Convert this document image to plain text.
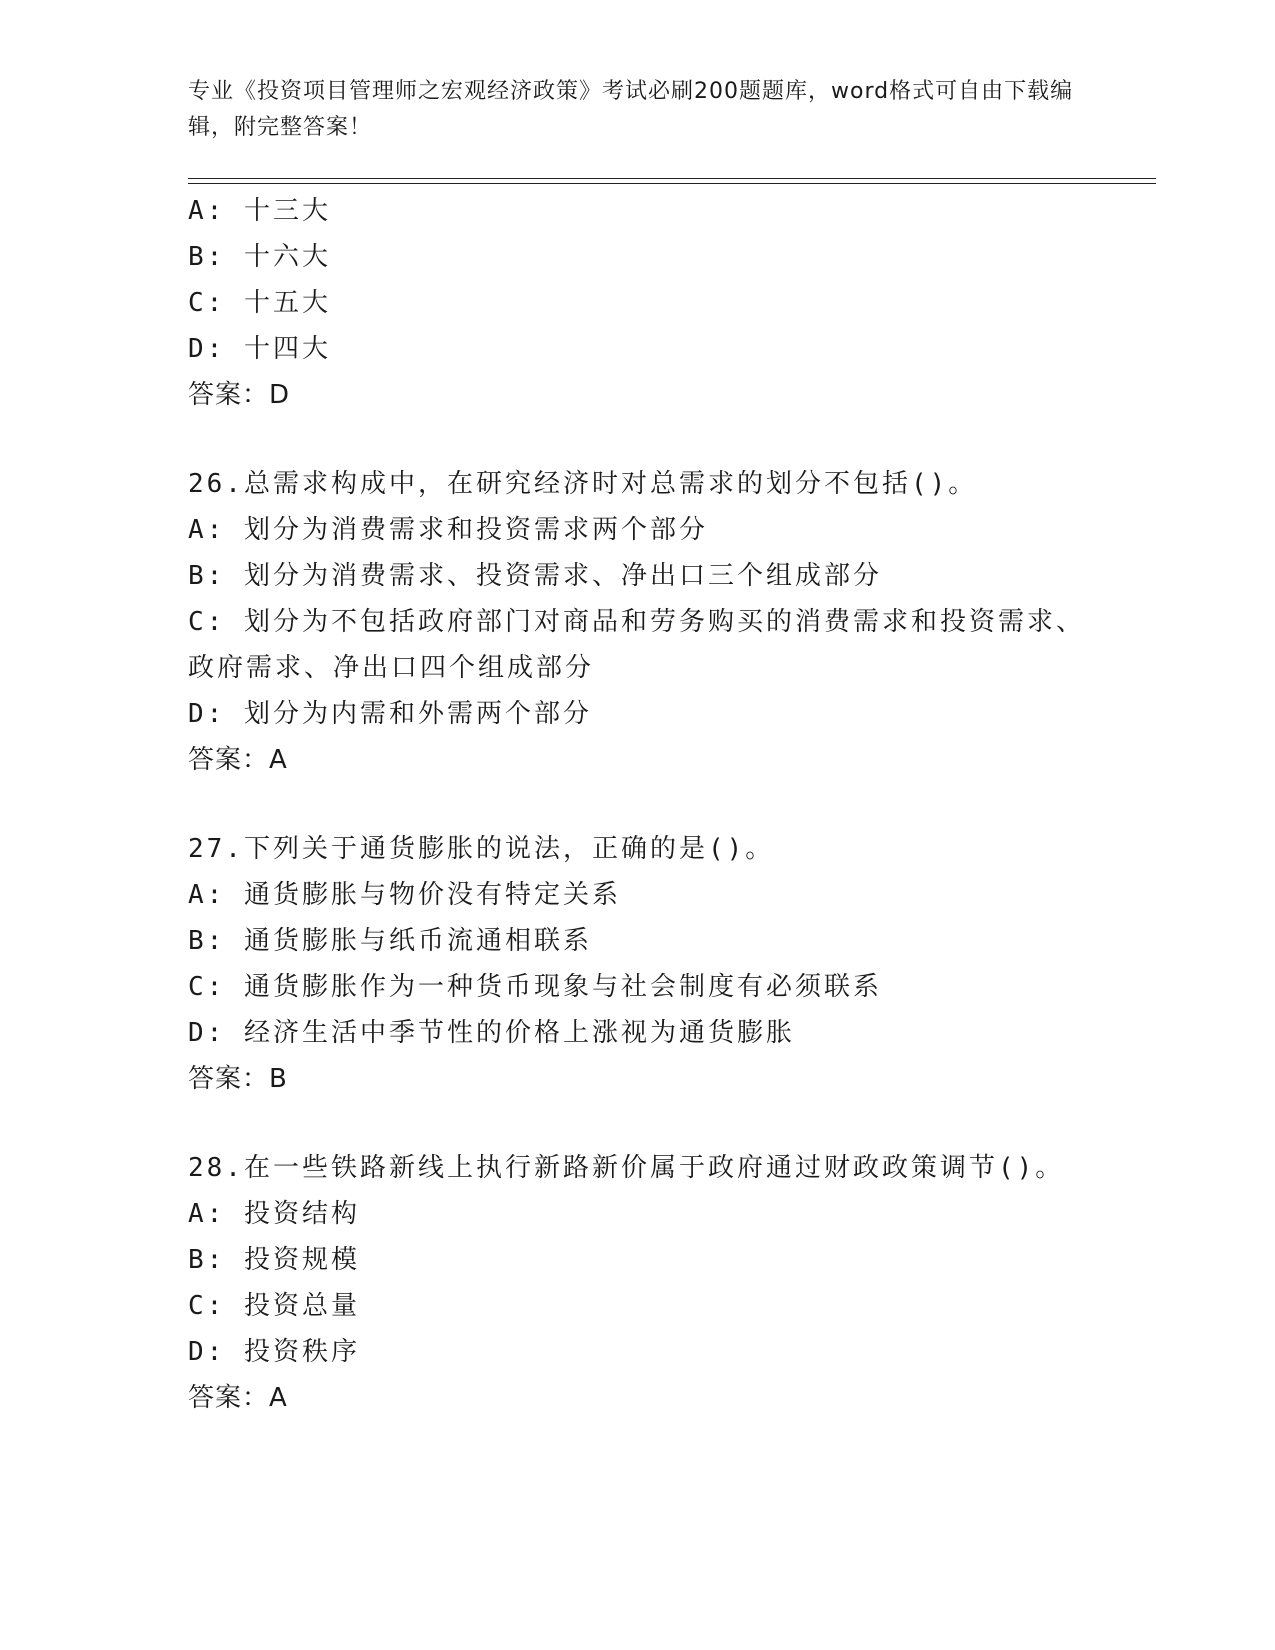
专业《投资项目管理师之宏观经济政策》考试必刷200题题库，word格式可自由下载编辑，附完整答案！
A: 十三大
B: 十六大
C: 十五大
D: 十四大
答案：D
26.总需求构成中，在研究经济时对总需求的划分不包括()。
A: 划分为消费需求和投资需求两个部分
B: 划分为消费需求、投资需求、净出口三个组成部分
C: 划分为不包括政府部门对商品和劳务购买的消费需求和投资需求、政府需求、净出口四个组成部分
D: 划分为内需和外需两个部分
答案：A
27.下列关于通货膨胀的说法，正确的是()。
A: 通货膨胀与物价没有特定关系
B: 通货膨胀与纸币流通相联系
C: 通货膨胀作为一种货币现象与社会制度有必须联系
D: 经济生活中季节性的价格上涨视为通货膨胀
答案：B
28.在一些铁路新线上执行新路新价属于政府通过财政政策调节()。
A: 投资结构
B: 投资规模
C: 投资总量
D: 投资秩序
答案：A
